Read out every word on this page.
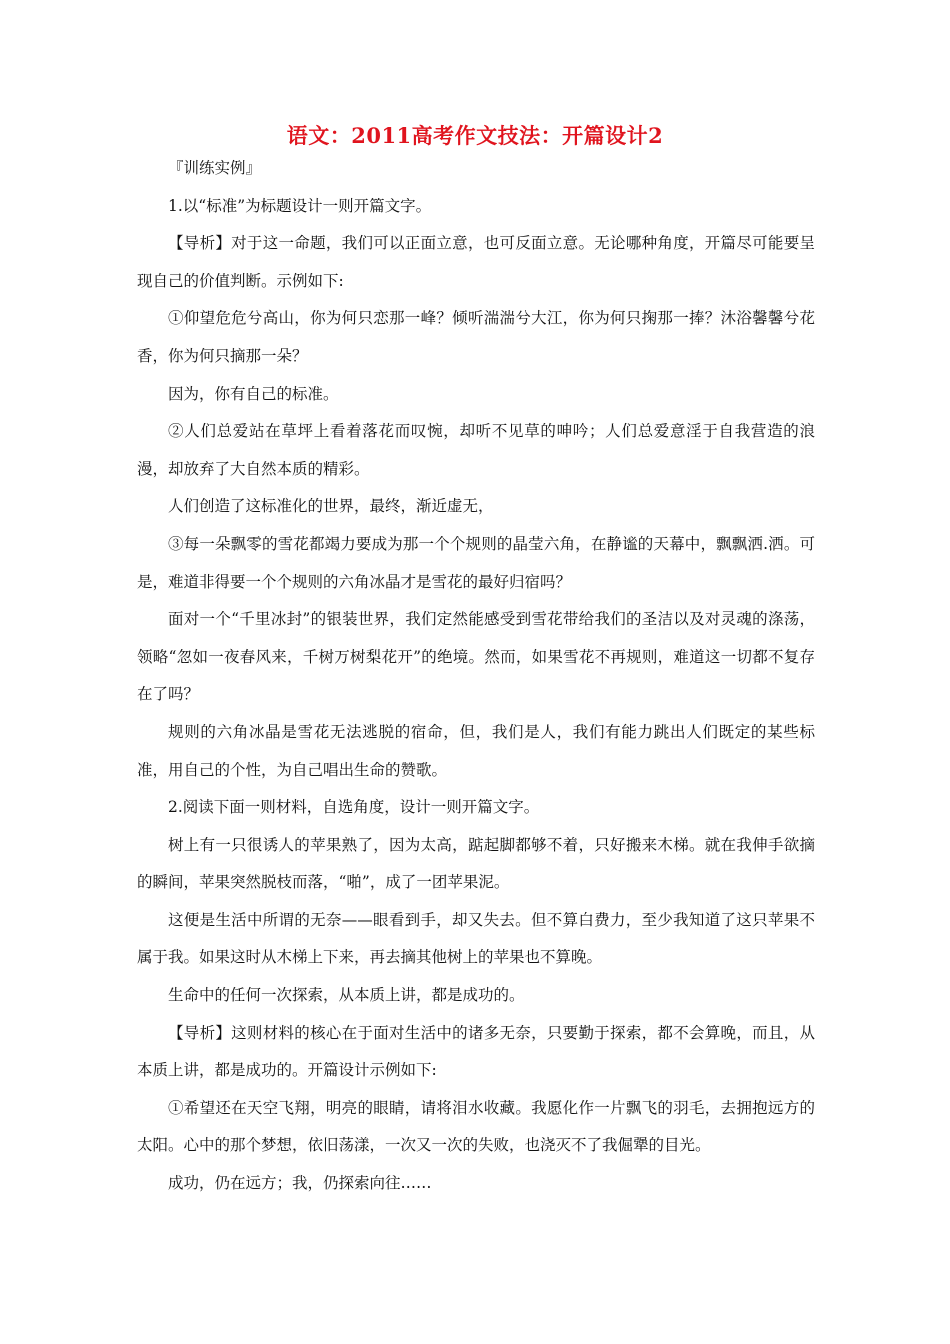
语文：2011高考作文技法：开篇设计2

『训练实例』

1.以“标准”为标题设计一则开篇文字。

【导析】对于这一命题，我们可以正面立意，也可反面立意。无论哪种角度，开篇尽可能要呈现自己的价值判断。示例如下:

①仰望危危兮高山，你为何只恋那一峰？倾听湍湍兮大江，你为何只掬那一捧？沐浴馨馨兮花香，你为何只摘那一朵？

因为，你有自己的标准。

②人们总爱站在草坪上看着落花而叹惋，却听不见草的呻吟；人们总爱意淫于自我营造的浪漫，却放弃了大自然本质的精彩。

人们创造了这标准化的世界，最终，渐近虚无，

③每一朵飘零的雪花都竭力要成为那一个个规则的晶莹六角，在静谧的天幕中，飘飘洒.洒。可是，难道非得要一个个规则的六角冰晶才是雪花的最好归宿吗？

面对一个“千里冰封”的银装世界，我们定然能感受到雪花带给我们的圣洁以及对灵魂的涤荡，领略“忽如一夜春风来，千树万树梨花开”的绝境。然而，如果雪花不再规则，难道这一切都不复存在了吗？

规则的六角冰晶是雪花无法逃脱的宿命，但，我们是人，我们有能力跳出人们既定的某些标准，用自己的个性，为自己唱出生命的赞歌。

2.阅读下面一则材料，自选角度，设计一则开篇文字。

树上有一只很诱人的苹果熟了，因为太高，踮起脚都够不着，只好搬来木梯。就在我伸手欲摘的瞬间，苹果突然脱枝而落，“啪”，成了一团苹果泥。

这便是生活中所谓的无奈——眼看到手，却又失去。但不算白费力，至少我知道了这只苹果不属于我。如果这时从木梯上下来，再去摘其他树上的苹果也不算晚。

生命中的任何一次探索，从本质上讲，都是成功的。

【导析】这则材料的核心在于面对生活中的诸多无奈，只要勤于探索，都不会算晚，而且，从本质上讲，都是成功的。开篇设计示例如下:

①希望还在天空飞翔，明亮的眼睛，请将泪水收藏。我愿化作一片飘飞的羽毛，去拥抱远方的太阳。心中的那个梦想，依旧荡漾，一次又一次的失败，也浇灭不了我倔犟的目光。

成功，仍在远方；我，仍探索向往……
